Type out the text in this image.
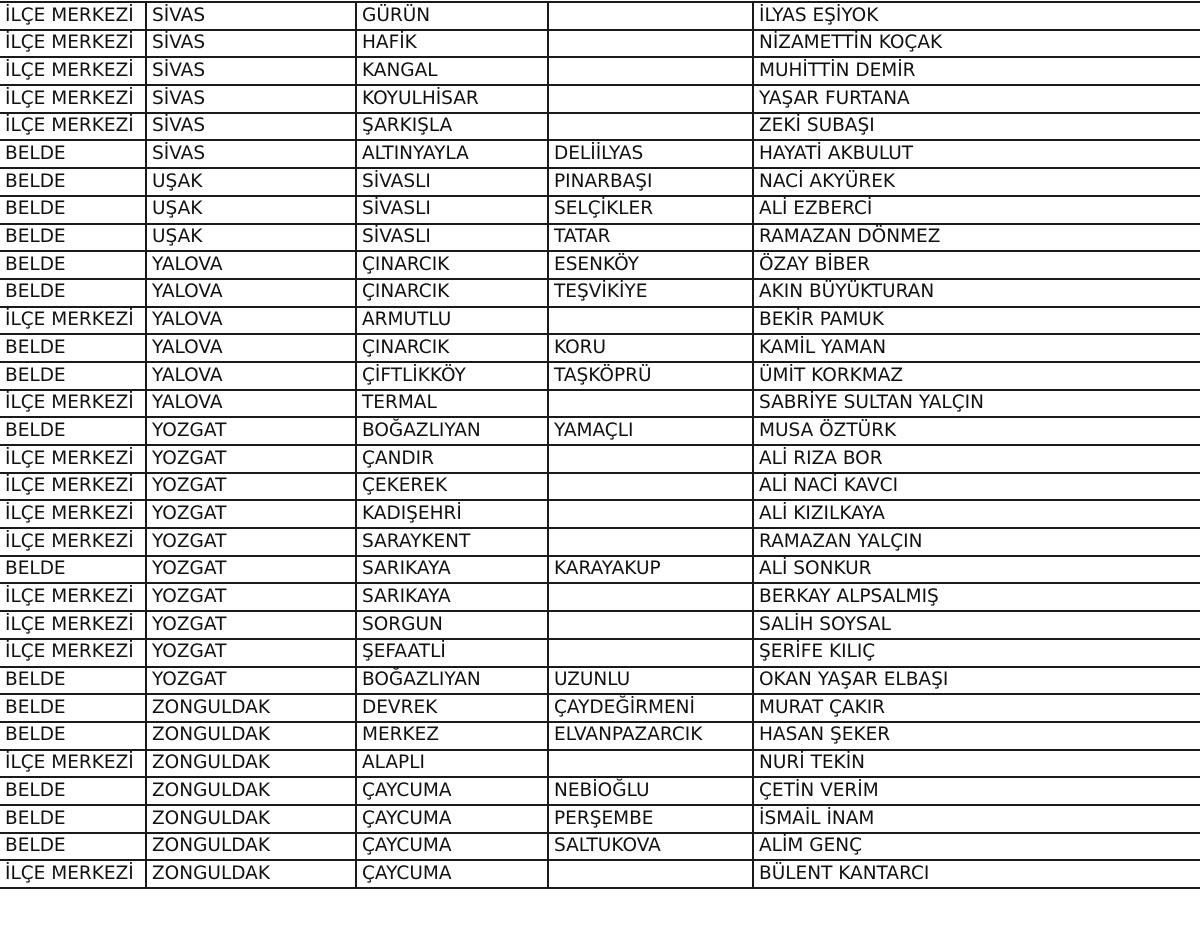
İLÇE MERKEZİ	SİVAS	GÜRÜN		İLYAS EŞİYOK
İLÇE MERKEZİ	SİVAS	HAFİK		NİZAMETTİN KOÇAK
İLÇE MERKEZİ	SİVAS	KANGAL		MUHİTTİN DEMİR
İLÇE MERKEZİ	SİVAS	KOYULHİSAR		YAŞAR FURTANA
İLÇE MERKEZİ	SİVAS	ŞARKIŞLA		ZEKİ SUBAŞI
BELDE	SİVAS	ALTINYAYLA	DELİİLYAS	HAYATİ AKBULUT
BELDE	UŞAK	SİVASLI	PINARBAŞI	NACİ AKYÜREK
BELDE	UŞAK	SİVASLI	SELÇİKLER	ALİ EZBERCİ
BELDE	UŞAK	SİVASLI	TATAR	RAMAZAN DÖNMEZ
BELDE	YALOVA	ÇINARCIK	ESENKÖY	ÖZAY BİBER
BELDE	YALOVA	ÇINARCIK	TEŞVİKİYE	AKIN BÜYÜKTURAN
İLÇE MERKEZİ	YALOVA	ARMUTLU		BEKİR PAMUK
BELDE	YALOVA	ÇINARCIK	KORU	KAMİL YAMAN
BELDE	YALOVA	ÇİFTLİKKÖY	TAŞKÖPRÜ	ÜMİT KORKMAZ
İLÇE MERKEZİ	YALOVA	TERMAL		SABRİYE SULTAN YALÇIN
BELDE	YOZGAT	BOĞAZLIYAN	YAMAÇLI	MUSA ÖZTÜRK
İLÇE MERKEZİ	YOZGAT	ÇANDIR		ALİ RIZA BOR
İLÇE MERKEZİ	YOZGAT	ÇEKEREK		ALİ NACİ KAVCI
İLÇE MERKEZİ	YOZGAT	KADIŞEHRİ		ALİ KIZILKAYA
İLÇE MERKEZİ	YOZGAT	SARAYKENT		RAMAZAN YALÇIN
BELDE	YOZGAT	SARIKAYA	KARAYAKUP	ALİ SONKUR
İLÇE MERKEZİ	YOZGAT	SARIKAYA		BERKAY ALPSALMIŞ
İLÇE MERKEZİ	YOZGAT	SORGUN		SALİH SOYSAL
İLÇE MERKEZİ	YOZGAT	ŞEFAATLİ		ŞERİFE KILIÇ
BELDE	YOZGAT	BOĞAZLIYAN	UZUNLU	OKAN YAŞAR ELBAŞI
BELDE	ZONGULDAK	DEVREK	ÇAYDEĞİRMENİ	MURAT ÇAKIR
BELDE	ZONGULDAK	MERKEZ	ELVANPAZARCIK	HASAN ŞEKER
İLÇE MERKEZİ	ZONGULDAK	ALAPLI		NURİ TEKİN
BELDE	ZONGULDAK	ÇAYCUMA	NEBİOĞLU	ÇETİN VERİM
BELDE	ZONGULDAK	ÇAYCUMA	PERŞEMBE	İSMAİL İNAM
BELDE	ZONGULDAK	ÇAYCUMA	SALTUKOVA	ALİM GENÇ
İLÇE MERKEZİ	ZONGULDAK	ÇAYCUMA		BÜLENT KANTARCI
